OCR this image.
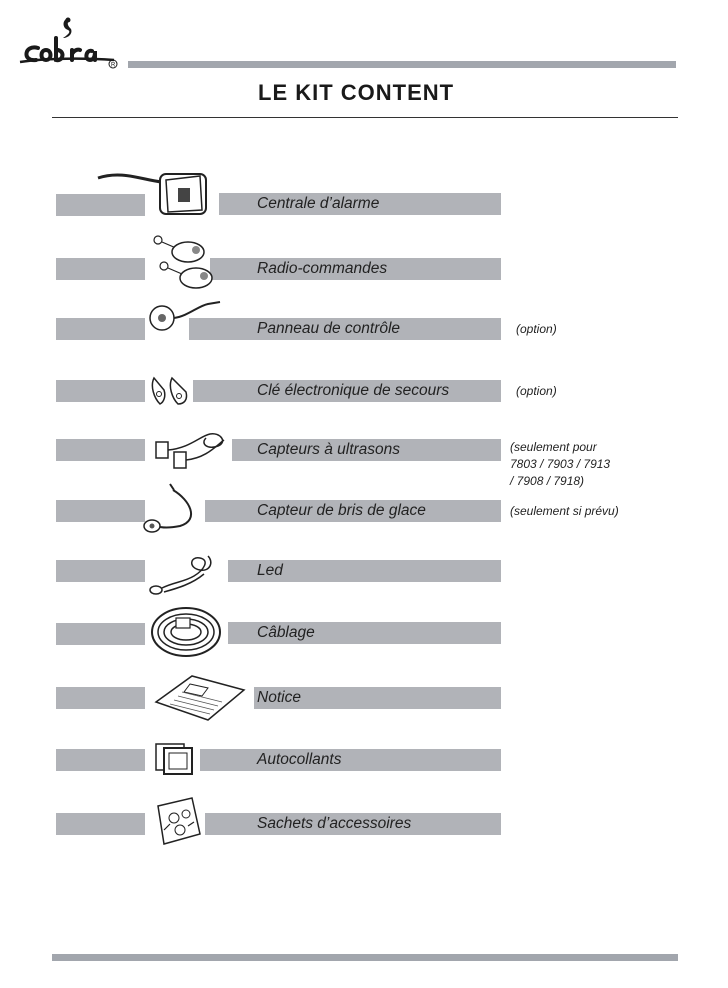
R
LE KIT CONTENT
Centrale d’alarme
Radio-commandes
Panneau de contrôle	(option)
Clé électronique de secours	(option)
Capteurs à ultrasons	(seulement pour
7803 / 7903 / 7913
/ 7908 / 7918)
Capteur de bris de glace	(seulement si prévu)
Led
Câblage
Notice
Autocollants
Sachets d’accessoires
